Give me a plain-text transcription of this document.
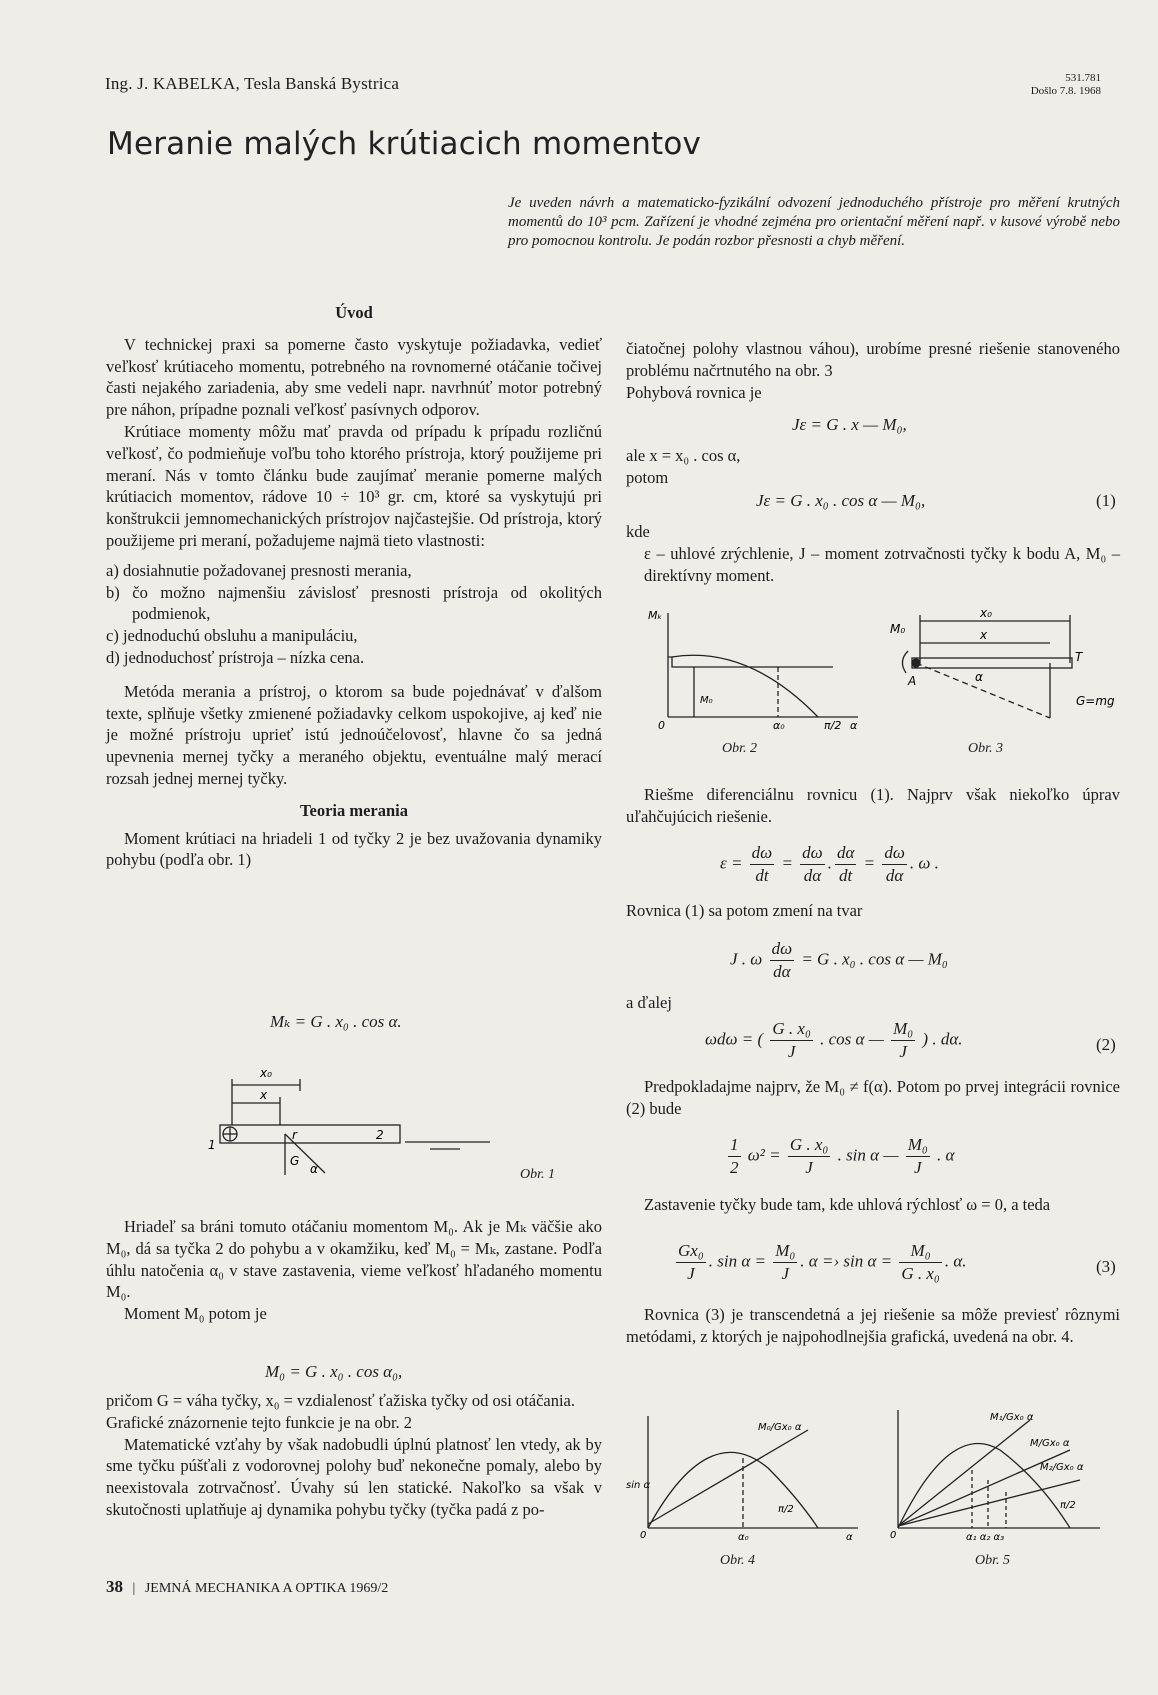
Ing. J. KABELKA, Tesla Banská Bystrica	531.781
Došlo 7.8. 1968
Meranie malých krútiacich momentov
Je uveden návrh a matematicko-fyzikální odvození jednoduchého přístroje pro měření krutných momentů do 10³ pcm. Zařízení je vhodné zejména pro orientační měření např. v kusové výrobě nebo pro pomocnou kontrolu. Je podán rozbor přesnosti a chyb měření.

Úvod

V technickej praxi sa pomerne často vyskytuje požiadavka, vedieť veľkosť krútiaceho momentu, potrebného na rovnomerné otáčanie točivej časti nejakého zariadenia, aby sme vedeli napr. navrhnúť motor potrebný pre náhon, prípadne poznali veľkosť pasívnych odporov.

Krútiace momenty môžu mať pravda od prípadu k prípadu rozličnú veľkosť, čo podmieňuje voľbu toho ktorého prístroja, ktorý použijeme pri meraní. Nás v tomto článku bude zaujímať meranie pomerne malých krútiacich momentov, rádove 10 ÷ 10³ gr. cm, ktoré sa vyskytujú pri konštrukcii jemnomechanických prístrojov najčastejšie. Od prístroja, ktorý použijeme pri meraní, požadujeme najmä tieto vlastnosti:

a) dosiahnutie požadovanej presnosti merania,
b) čo možno najmenšiu závislosť presnosti prístroja od okolitých podmienok,
c) jednoduchú obsluhu a manipuláciu,
d) jednoduchosť prístroja – nízka cena.

Metóda merania a prístroj, o ktorom sa bude pojednávať v ďalšom texte, splňuje všetky zmienené požiadavky celkom uspokojive, aj keď nie je možné prístroju uprieť istú jednoúčelovosť, hlavne čo sa jedná upevnenia mernej tyčky a meraného objektu, eventuálne malý merací rozsah jednej mernej tyčky.

Teoria merania

Moment krútiaci na hriadeli 1 od tyčky 2 je bez uvažovania dynamiky pohybu (podľa obr. 1)

Mₖ = G . x₀ . cos α.
x₀
x
r	2
1
G
α	Obr. 1

Hriadeľ sa bráni tomuto otáčaniu momentom M₀. Ak je Mₖ väčšie ako M₀, dá sa tyčka 2 do pohybu a v okamžiku, keď M₀ = Mₖ, zastane. Podľa úhlu natočenia α₀ v stave zastavenia, vieme veľkosť hľadaného momentu M₀.

Moment M₀ potom je

M₀ = G . x₀ . cos α₀,

pričom G = váha tyčky, x₀ = vzdialenosť ťažiska tyčky od osi otáčania.

Grafické znázornenie tejto funkcie je na obr. 2

Matematické vzťahy by však nadobudli úplnú platnosť len vtedy, ak by sme tyčku púšťali z vodorovnej polohy buď nekonečne pomaly, alebo by neexistovala zotrvačnosť. Úvahy sú len statické. Nakoľko sa však v skutočnosti uplatňuje aj dynamika pohybu tyčky (tyčka padá z po-

čiatočnej polohy vlastnou váhou), urobíme presné riešenie stanoveného problému načrtnutého na obr. 3

Pohybová rovnica je

Jε = G . x — M₀,

ale x = x₀ . cos α,

potom

Jε = G . x₀ . cos α — M₀,	(1)

kde

ε – uhlové zrýchlenie, J – moment zotrvačnosti tyčky k bodu A, M₀ – direktívny moment.

Mₖ
0	α₀	π/2 α
M₀
Obr. 2
M₀
x₀
x
A	α
T
G=mg
Obr. 3

Riešme diferenciálnu rovnicu (1). Najprv však niekoľko úprav uľahčujúcich riešenie.

$\varepsilon = \frac{d\omega}{dt} = \frac{d\omega}{d\alpha}$ . $\frac{d\alpha}{dt} = \frac{d\omega}{d\alpha}$ . ω .

Rovnica (1) sa potom zmení na tvar

J . ω $\frac{d\omega}{d\alpha} = G$ . x₀ . cos α — M₀

a ďalej

ωdω = ( $\frac{\text{G . x₀}}{J}$ . cos α — $\frac{\text{M₀}}{J}$ ) . dα.	(2)

Predpokladajme najprv, že M₀ ≠ f(α). Potom po prvej integrácii rovnice (2) bude

$\frac{1}{2} \omega^2 = \frac{\text{G . x₀}}{J}$ . sin α — $\frac{\text{M₀}}{J}$ . α

Zastavenie tyčky bude tam, kde uhlová rýchlosť ω = 0, a teda

$\frac{\text{Gx₀}}{J}$ . $\sin \alpha = \frac{\text{M₀}}{J}$ . α =› $\sin \alpha = \frac{\text{M₀}}{\text{G . x₀}}$ . α.	(3)

Rovnica (3) je transcendetná a jej riešenie sa môže previesť rôznymi metódami, z ktorých je najpohodlnejšia grafická, uvedená na obr. 4.

sin α
M₀/Gx₀ α
π/2
α₀	α
0
Obr. 4
M₁/Gx₀ α
M/Gx₀ α
M₂/Gx₀ α
π/2
α₁ α₂ α₃
0
Obr. 5
38 | JEMNÁ MECHANIKA A OPTIKA 1969/2
